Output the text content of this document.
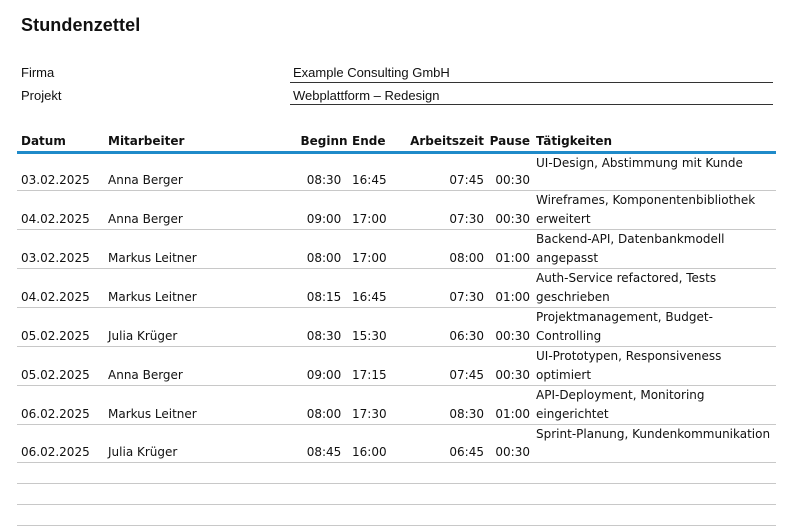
Stundenzettel
Firma	Example Consulting GmbH
Projekt	Webplattform – Redesign
Datum	Mitarbeiter	Beginn	Ende	Arbeitszeit	Pause	Tätigkeiten
03.02.2025	Anna Berger	08:30	16:45	07:45	00:30	UI-Design, Abstimmung mit Kunde
04.02.2025	Anna Berger	09:00	17:00	07:30	00:30	Wireframes, Komponentenbibliothek erweitert
03.02.2025	Markus Leitner	08:00	17:00	08:00	01:00	Backend-API, Datenbankmodell angepasst
04.02.2025	Markus Leitner	08:15	16:45	07:30	01:00	Auth-Service refactored, Tests geschrieben
05.02.2025	Julia Krüger	08:30	15:30	06:30	00:30	Projektmanagement, Budget-Controlling
05.02.2025	Anna Berger	09:00	17:15	07:45	00:30	UI-Prototypen, Responsiveness optimiert
06.02.2025	Markus Leitner	08:00	17:30	08:30	01:00	API-Deployment, Monitoring eingerichtet
06.02.2025	Julia Krüger	08:45	16:00	06:45	00:30	Sprint-Planung, Kundenkommunikation
